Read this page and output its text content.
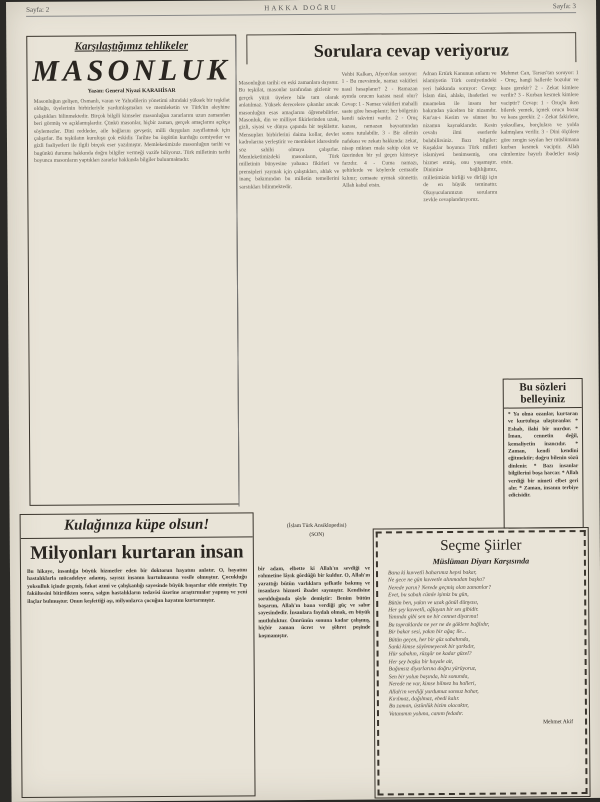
Sayfa: 2	HAKKA DOĞRU	Sayfa: 3
Karşılaştığımız tehlikeler
MASONLUK
Yazan: General Niyazi KARAHİSAR

Masonluğun gelişen, Osmanlı, varan ve Yahudilerin yönetimi altındaki yüksek bir teşkilat olduğu, üyelerinin birbirleriyle yardımlaşmaları ve memleketin ve Türk'ün aleyhine çalıştıkları bilinmektedir. Birçok bilgili kimseler masonluğun zararlarını uzun zamandan beri görmüş ve açıklamışlardır. Çünkü masonlar, hiçbir zaman, gerçek amaçlarını açıkça söylemezler. Dini reddeder, aile bağlarını gevşetir, milli duyguları zayıflatmak için çalışırlar. Bu teşkilatın kuruluşu çok eskidir. Tarihte bu örgütün kurduğu cemiyetler ve gizli faaliyetleri ile ilgili birçok eser yazılmıştır. Memleketimizde masonluğun tarihi ve bugünkü durumu hakkında doğru bilgiler vermeği vazife biliyoruz. Türk milletinin tarihi boyunca masonların yaptıkları zararlar hakkında bilgiler bulunmaktadır.

Masonluğun tarihi: en eski zamanlara dayanır. Bu teşkilat, masonlar tarafından gizlenir ve gerçek yüzü üyelere bile tam olarak anlatılmaz. Yüksek derecelere çıkanlar ancak masonluğun esas amaçlarını öğrenebilirler. Masonluk, din ve milliyet fikirlerinden uzak, gizli, siyasi ve dünya çapında bir teşkilattır. Mensupları birbirlerini daima kollar, devlet kadrolarına yerleştirir ve memleket idaresinde söz sahibi olmaya çalışırlar. Memleketimizdeki masonların, Türk milletinin bünyesine yabancı fikirleri ve prensipleri yaymak için çalıştıkları, ahlak ve inanç bakımından bu milletin temellerini sarstıkları bilinmektedir.

Sorulara cevap veriyoruz

Vehbi Kalkan, Afyon'dan soruyor: 1 - Bu mevsimde, namaz vakitleri nasıl hesaplanır? 2 - Ramazan ayında orucun kazası nasıl olur? Cevap: 1 - Namaz vakitleri mahalli saate göre hesaplanır; her bölgenin kendi takvimi vardır. 2 - Oruç kazası, ramazan bayramından sonra tutulabilir. 3 - Bir ailenin nafakası ve zekatı hakkında: zekat, nisap miktarı mala sahip olan ve üzerinden bir yıl geçen kimseye farzdır. 4 - Cuma namazı, şehirlerde ve köylerde cemaatle kılınır; cemaate uymak sünnettir. Allah kabul etsin.

Adnan Ertürk Kanunun anlamı ve islamiyetin Türk cemiyetindeki yeri hakkında soruyor: Cevap: İslam dini, ahlakı, ibadetleri ve muamelatı ile insanı her bakımdan yücelten bir nizamdır. Kur'an-ı Kerim ve sünnet bu nizamın kaynaklarıdır. Kesin cevabı ilmi eserlerde bulabilirsiniz. Bazı bilgiler: Kuşaklar boyunca Türk milleti islamiyeti benimsemiş, ona hizmet etmiş, onu yaşamıştır. Dinimize bağlılığımız, milletimizin birliği ve dirliği için de en büyük teminattır. Okuyucularımızın sorularını zevkle cevaplandırıyoruz.

Mehmet Can, Tarsus'tan soruyor: 1 - Oruç, hangi hallerde bozulur ve kaza gerekir? 2 - Zekat kimlere verilir? 3 - Kurban kesmek kimlere vaciptir? Cevap: 1 - Oruçlu iken bilerek yemek, içmek orucu bozar ve kaza gerekir. 2 - Zekat fakirlere, yoksullara, borçlulara ve yolda kalmışlara verilir. 3 - Dini ölçülere göre zengin sayılan her müslümana kurban kesmek vaciptir. Allah cümlemize hayırlı ibadetler nasip etsin.

Bu sözleri belleyiniz

* Ya olma ozanlar, kurtaran ve kurtuluşa ulaştıranlar. * Eshab, ilahi bir nurdur. * İman, cennetin değil, kemaliyetin inancıdır. * Zaman, kendi kendini eğitmektir; doğru bilenin sözü dinlenir. * Bazı insanlar bilgilerini boşa harcar. * Allah verdiği bir nimeti elbet geri alır. * Zaman, insanın terbiye edicisidir.

Kulağınıza küpe olsun!
Milyonları kurtaran insan

Bu hikaye, insanlığa büyük hizmetler eden bir doktorun hayatını anlatır. O, hayatını hastalıklarla mücadeleye adamış, sayısız insanın kurtulmasına vesile olmuştur. Çocukluğu yoksulluk içinde geçmiş, fakat azmi ve çalışkanlığı sayesinde büyük başarılar elde etmiştir. Tıp fakültesini bitirdikten sonra, salgın hastalıkların tedavisi üzerine araştırmalar yapmış ve yeni ilaçlar bulmuştur. Onun keşfettiği aşı, milyonlarca çocuğun hayatını kurtarmıştır.

bir adam, elbette ki Allah'ın sevdiği ve rahmetine lâyık gördüğü bir kuldur. O, Allah'ın yarattığı bütün varlıklara şefkatle bakmış ve insanlara hizmeti ibadet saymıştır. Kendisine sorulduğunda şöyle demiştir: Benim bütün başarım, Allah'ın bana verdiği güç ve sabır sayesindedir. İnsanlara faydalı olmak, en büyük mutluluktur. Ömrünün sonuna kadar çalışmış, hiçbir zaman ücret ve şöhret peşinde koşmamıştır.

(İslam Türk Ansiklopedisi)
(SON)
Seçme Şiirler
Müslüman Diyarı Karşısında
Bana ki kuvvetli baharımız hepsi bakar,
Ne gece ne gün kuvvetle alınmadan başka?
Nerede yarın? Nerede geçmiş olan zamanlar?
Evet, bu sabah cümle işimiz bu gün,
Bütün ben, yakın ve uzak gönül dünyası,
Her şey kuvvetli, ağlayan bir ses gibidir.
Yanında gibi sen ne bir cennet diyarına!
Bu topraklarda ne yer ne de göklere bağlıdır,
Bir bakar sesi, yakın bir ağaç ile...
Bütün geçen, her bir güz sabahında,
Sanki kimse söylemeyecek bir şarkıdır,
Hür sabahın, rüzgâr ne kadar güzel?
Her şey başka bir hayale ait,
Bağımsız diyarlarına doğru yürüyoruz,
Sen bir yolun başında, biz sonunda,
Nerede ne var, kimse bilmez bu halleri,
Allah'ın verdiği yurdumuz sonsuz bahar,
Kırılmaz, dağılmaz, ebedi kalır.
Bu zaman, üstünlük bizim olacaktır,
Vatanımın yoluna, canım fedadır.
Mehmet Akif
